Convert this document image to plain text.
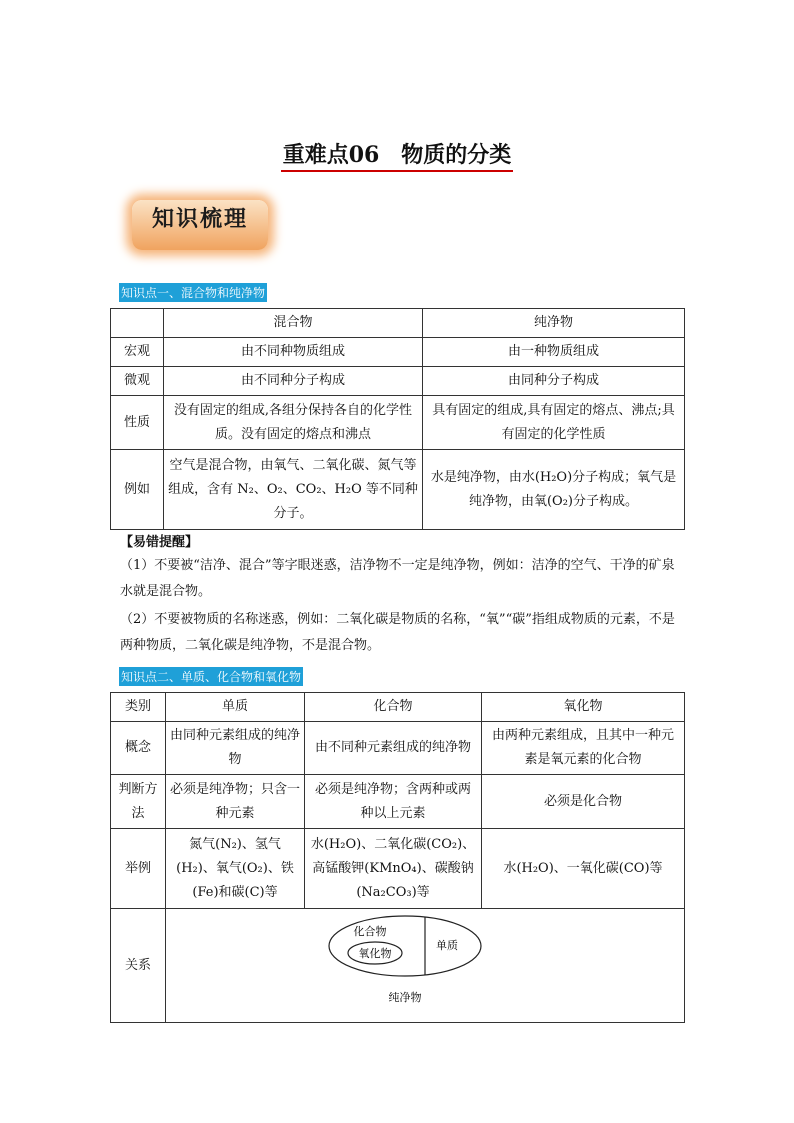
重难点06　物质的分类
知识梳理
知识点一、混合物和纯净物
	混合物	纯净物
宏观	由不同种物质组成	由一种物质组成
微观	由不同种分子构成	由同种分子构成
性质	没有固定的组成,各组分保持各自的化学性质。没有固定的熔点和沸点	具有固定的组成,具有固定的熔点、沸点;具有固定的化学性质
例如	空气是混合物，由氧气、二氧化碳、氮气等组成，含有 N₂、O₂、CO₂、H₂O 等不同种分子。	水是纯净物，由水(H₂O)分子构成；氧气是纯净物，由氧(O₂)分子构成。
【易错提醒】
（1）不要被“洁净、混合”等字眼迷惑，洁净物不一定是纯净物，例如：洁净的空气、干净的矿泉水就是混合物。
（2）不要被物质的名称迷惑，例如：二氧化碳是物质的名称，“氧”“碳”指组成物质的元素，不是两种物质，二氧化碳是纯净物，不是混合物。
知识点二、单质、化合物和氧化物
类别	单质	化合物	氧化物
概念	由同种元素组成的纯净物	由不同种元素组成的纯净物	由两种元素组成，且其中一种元素是氧元素的化合物
判断方法	必须是纯净物；只含一种元素	必须是纯净物；含两种或两种以上元素	必须是化合物
举例	氮气(N₂)、氢气(H₂)、氧气(O₂)、铁(Fe)和碳(C)等	水(H₂O)、二氧化碳(CO₂)、高锰酸钾(KMnO₄)、碳酸钠(Na₂CO₃)等	水(H₂O)、一氧化碳(CO)等
关系	化合物
氧化物
单质
纯净物		
